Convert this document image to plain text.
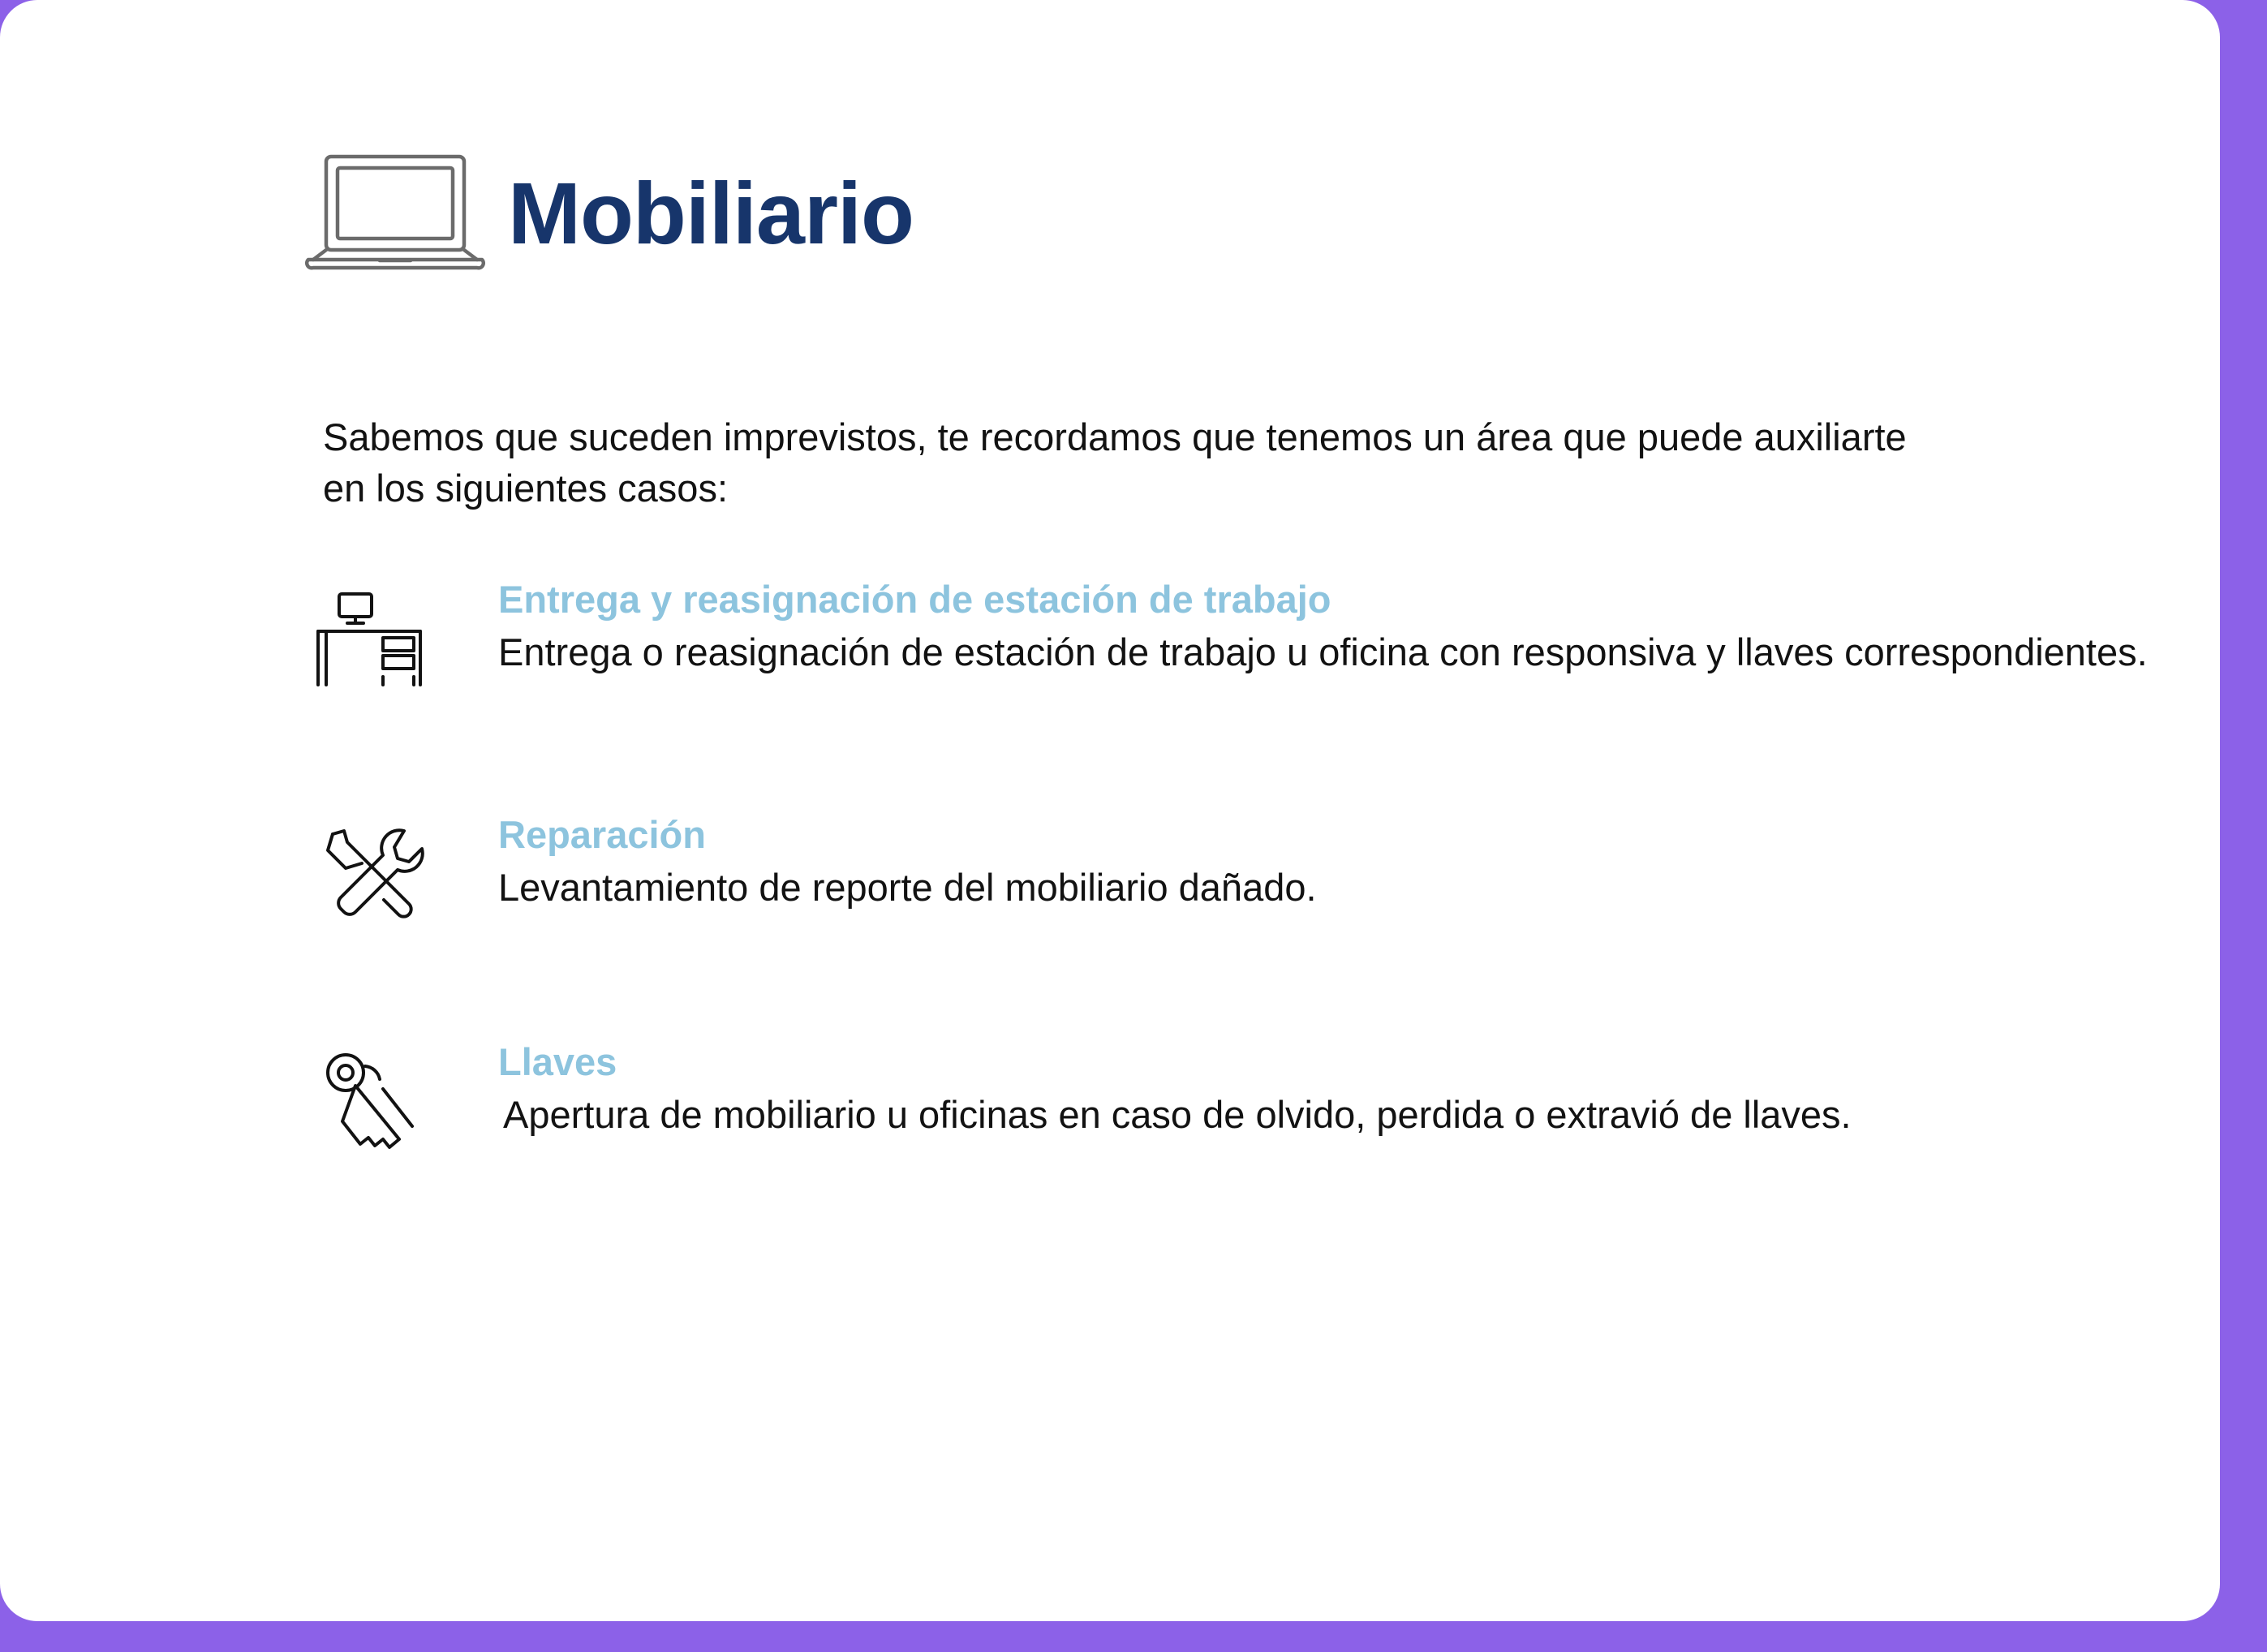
Mobiliario

Sabemos que suceden imprevistos, te recordamos que tenemos un área que puede auxiliarte en los siguientes casos:

Entrega y reasignación de estación de trabajo

Entrega o reasignación de estación de trabajo u oficina con responsiva y llaves correspondientes.

Reparación

Levantamiento de reporte del mobiliario dañado.

Llaves

Apertura de mobiliario u oficinas en caso de olvido, perdida o extravió de llaves.
